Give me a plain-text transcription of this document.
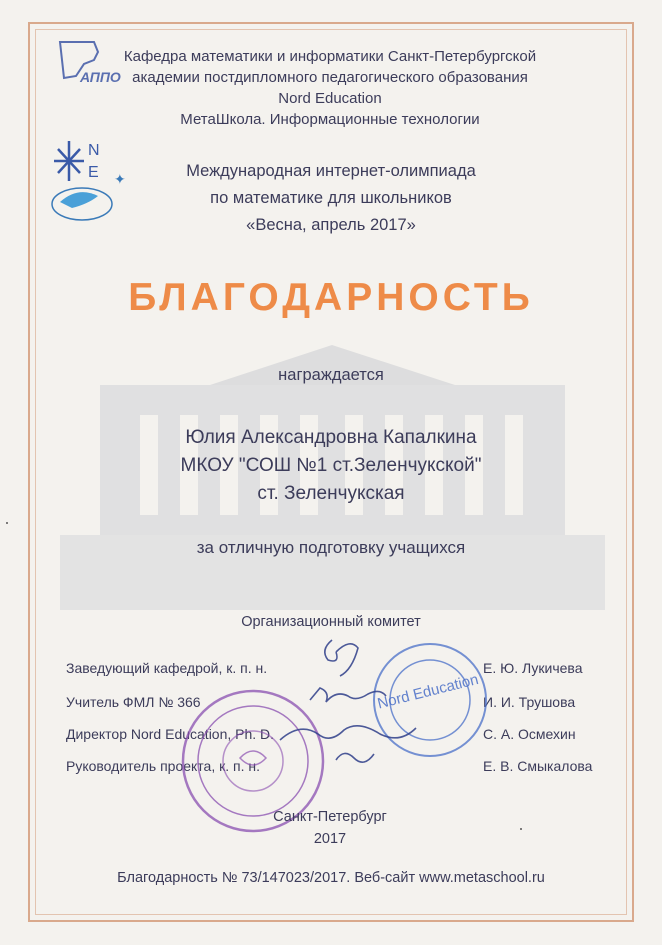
АППО
N
E ✦
Кафедра математики и информатики Санкт-Петербургской
академии постдипломного педагогического образования
Nord Education
МетаШкола. Информационные технологии
Международная интернет-олимпиада
по математике для школьников
«Весна, апрель 2017»
БЛАГОДАРНОСТЬ
награждается
Юлия Александровна Капалкина
МКОУ "СОШ №1 ст.Зеленчукской"
ст. Зеленчукская
за отличную подготовку учащихся
Организационный комитет
Заведующий кафедрой, к. п. н.	Е. Ю. Лукичева
Учитель ФМЛ № 366	И. И. Трушова
Директор Nord Education, Ph. D.	С. А. Осмехин
Руководитель проекта, к. п. н.	Е. В. Смыкалова
Nord Education
Санкт-Петербург
2017
Благодарность № 73/147023/2017. Веб-сайт www.metaschool.ru
